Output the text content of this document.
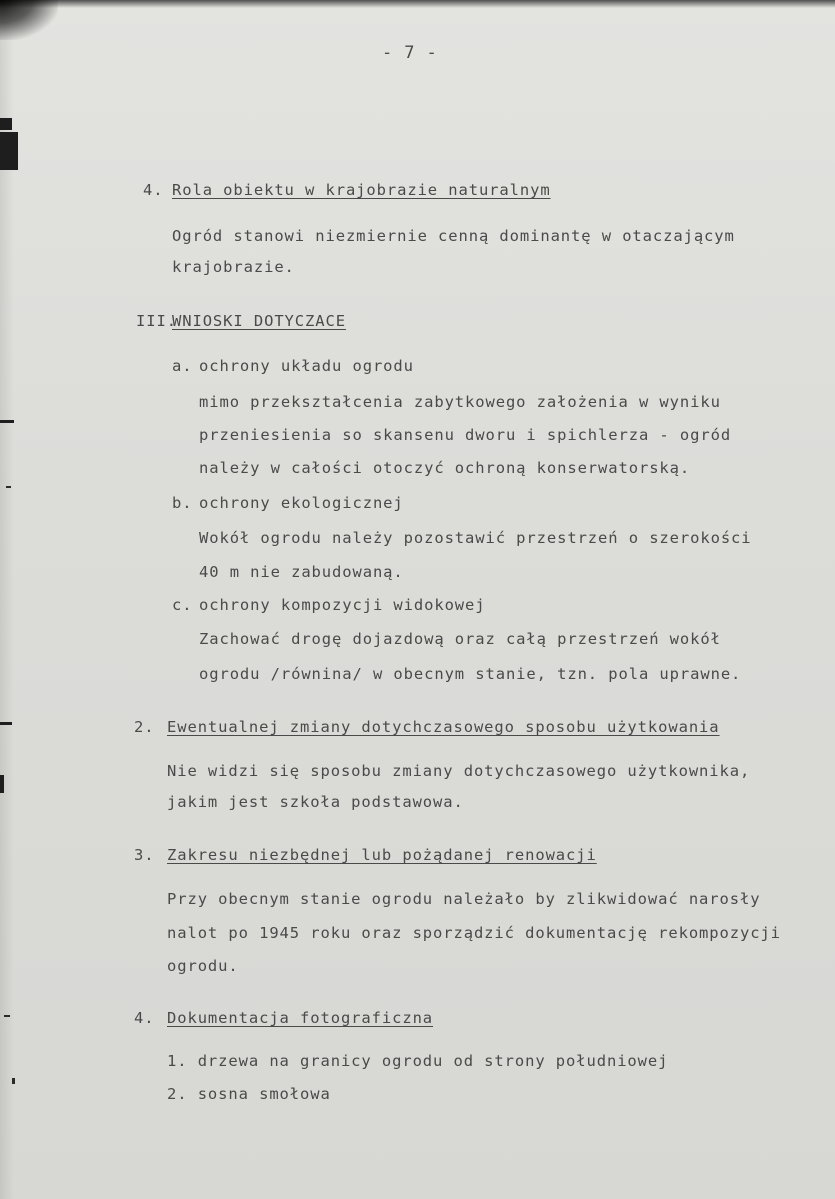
- 7 -
4. Rola obiektu w krajobrazie naturalnym
Ogród stanowi niezmiernie cenną dominantę w otaczającym
krajobrazie.
III.
WNIOSKI DOTYCZACE
a. ochrony układu ogrodu
mimo przekształcenia zabytkowego założenia w wyniku
przeniesienia so skansenu dworu i spichlerza - ogród
należy w całości otoczyć ochroną konserwatorską.
b. ochrony ekologicznej
Wokół ogrodu należy pozostawić przestrzeń o szerokości
40 m nie zabudowaną.
c. ochrony kompozycji widokowej
Zachować drogę dojazdową oraz całą przestrzeń wokół
ogrodu /równina/ w obecnym stanie, tzn. pola uprawne.
2. Ewentualnej zmiany dotychczasowego sposobu użytkowania
Nie widzi się sposobu zmiany dotychczasowego użytkownika,
jakim jest szkoła podstawowa.
3. Zakresu niezbędnej lub pożądanej renowacji
Przy obecnym stanie ogrodu należało by zlikwidować narosły
nalot po 1945 roku oraz sporządzić dokumentację rekompozycji
ogrodu.
4. Dokumentacja fotograficzna
1. drzewa na granicy ogrodu od strony południowej
2. sosna smołowa
